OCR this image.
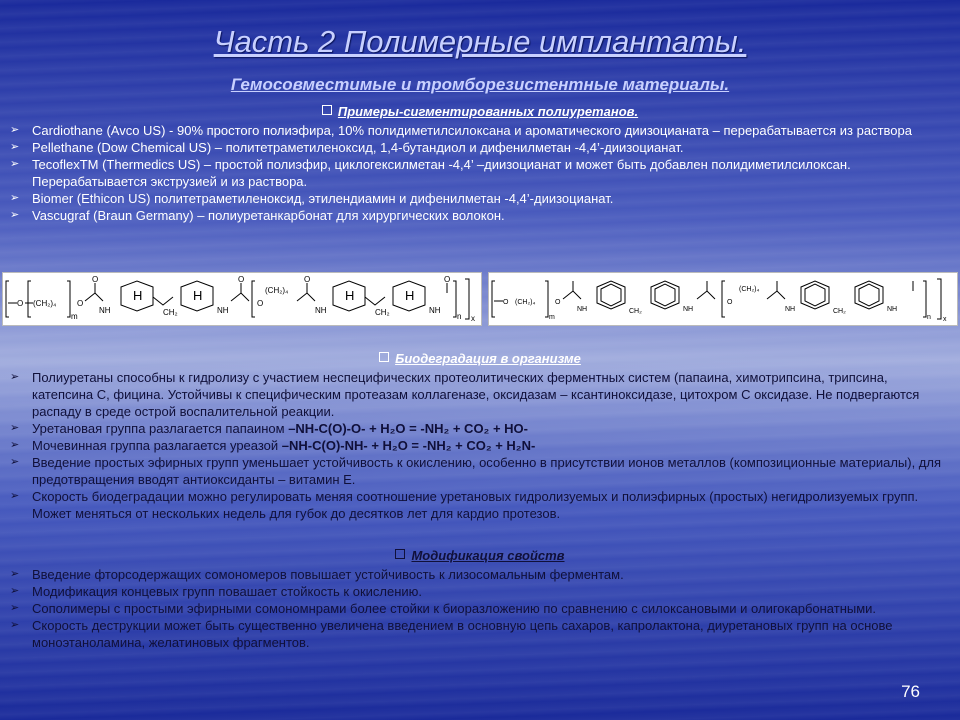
Часть 2 Полимерные имплантаты.
Гемосовместимые и тромборезистентные материалы.
Примеры-сигментированных полиуретанов.
➢ Cardiothane (Avco US) - 90% простого полиэфира, 10% полидиметилсилоксана и ароматического диизоцианата – перерабатывается из раствора
➢ Pellethane (Dow Chemical US) – политетраметиленоксид, 1,4-бутандиол и дифенилметан -4,4’-диизоцианат.
➢ TecoflexTM (Thermedics US) – простой полиэфир, циклогексилметан -4,4’ –диизоцианат и может быть добавлен полидиметилсилоксан. Перерабатывается экструзией и из раствора.
➢ Biomer (Ethicon US) политетраметиленоксид, этилендиамин и дифенилметан -4,4’-диизоцианат.
➢ Vascugraf (Braun Germany) – полиуретанкарбонат для хирургических волокон.
O (CH₂)₄
m
O
O
NH
H
CH₂
H
NH
O
O
(CH₂)₄
O
NH
H
CH₂
H
NH
O
n x
O (CH₂)₄
m
O
NH	CH₂	NH
O
(CH₂)₄
NH	CH₂	NH
n x
Биодеградация в организме
➢ Полиуретаны способны к гидролизу с участием неспецифических протеолитических ферментных систем (папаина, химотрипсина, трипсина, катепсина С, фицина. Устойчивы к специфическим протеазам коллагеназе, оксидазам – ксантиноксидазе, цитохром С оксидазе. Не подвергаются распаду в среде острой воспалительной реакции.
➢ Уретановая группа разлагается папаином –NH-C(O)-O- + H₂O = -NH₂ + CO₂ + HO-
➢ Мочевинная группа разлагается уреазой –NH-C(O)-NH- + H₂O = -NH₂ + CO₂ + H₂N-
➢ Введение простых эфирных групп уменьшает устойчивость к окислению, особенно в присутствии ионов металлов (композиционные материалы), для предотвращения вводят антиоксиданты – витамин Е.
➢ Скорость биодеградации можно регулировать меняя соотношение уретановых гидролизуемых и полиэфирных (простых) негидролизуемых групп. Может меняться от нескольких недель для губок до десятков лет для кардио протезов.
Модификация свойств
➢ Введение фторсодержащих сомономеров повышает устойчивость к лизосомальным ферментам.
➢ Модификация концевых групп повашает стойкость к окислению.
➢ Сополимеры с простыми эфирными сомономнрами более стойки к биоразложению по сравнению с силоксановыми и олигокарбонатными.
➢ Скорость деструкции может быть существенно увеличена введением в основную цепь сахаров, капролактона, диуретановых групп на основе моноэтаноламина, желатиновых фрагментов.
76
